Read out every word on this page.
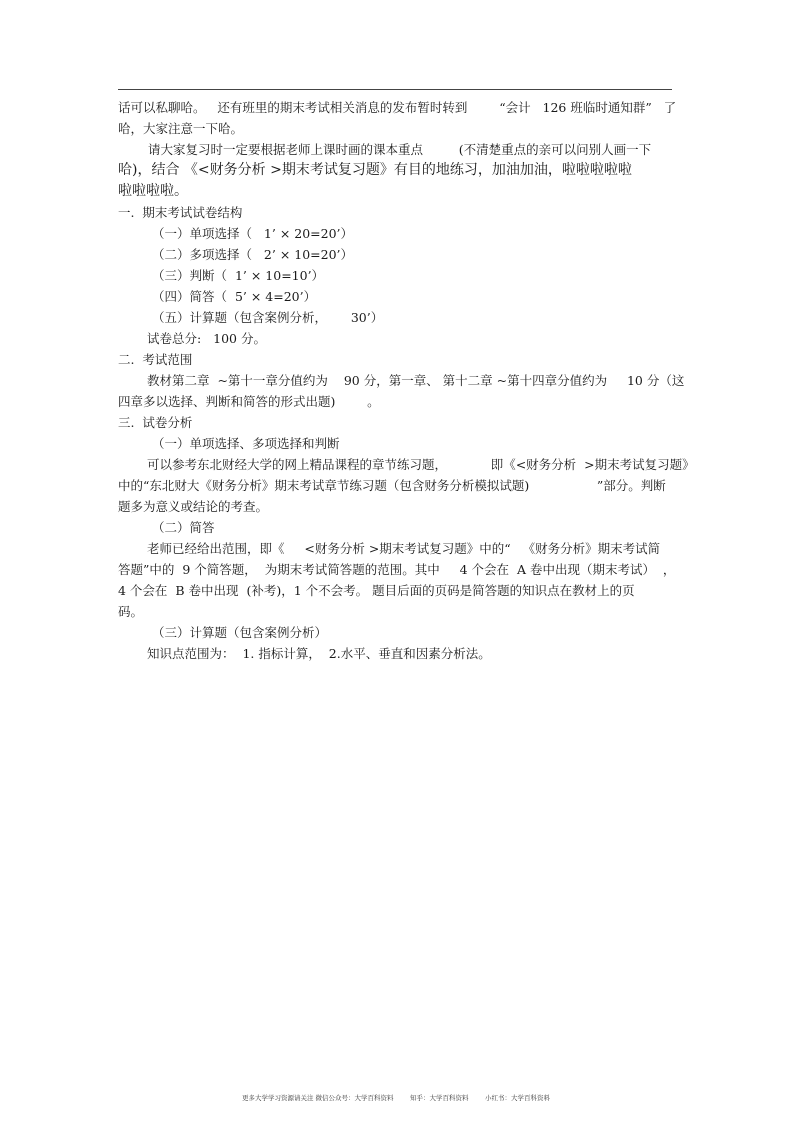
话可以私聊哈。   还有班里的期末考试相关消息的发布暂时转到        “会计   126 班临时通知群”   了
哈，大家注意一下哈。
请大家复习时一定要根据老师上课时画的课本重点         (不清楚重点的亲可以问别人画一下
哈)，结合 《<财务分析 >期末考试复习题》有目的地练习，加油加油，啦啦啦啦啦
啦啦啦啦。
一.  期末考试试卷结构
（一）单项选择（   1’ × 20=20’）
（二）多项选择（   2’ × 10=20’）
（三）判断（  1’ × 10=10’）
（四）简答（  5’ × 4=20’）
（五）计算题（包含案例分析，      30’）
试卷总分:   100 分。
二.  考试范围
教材第二章  ~第十一章分值约为    90 分，第一章、 第十二章 ~第十四章分值约为     10 分（这
四章多以选择、判断和简答的形式出题)        。
三.  试卷分析
（一）单项选择、多项选择和判断
可以参考东北财经大学的网上精品课程的章节练习题，           即《<财务分析  >期末考试复习题》
中的“东北财大《财务分析》期末考试章节练习题（包含财务分析模拟试题)                 ”部分。判断
题多为意义或结论的考查。
（二）简答
老师已经给出范围，即《     <财务分析 >期末考试复习题》中的“   《财务分析》期末考试简
答题”中的  9 个简答题，  为期末考试简答题的范围。其中     4 个会在  A 卷中出现（期末考试）  ，
4 个会在  B 卷中出现  (补考)，1 个不会考。 题目后面的页码是简答题的知识点在教材上的页
码。
（三）计算题（包含案例分析）
知识点范围为：  1. 指标计算，  2.水平、垂直和因素分析法。
更多大学学习资源请关注 微信公众号：大学百科资料        知乎：大学百科资料        小红书：大学百科资料
